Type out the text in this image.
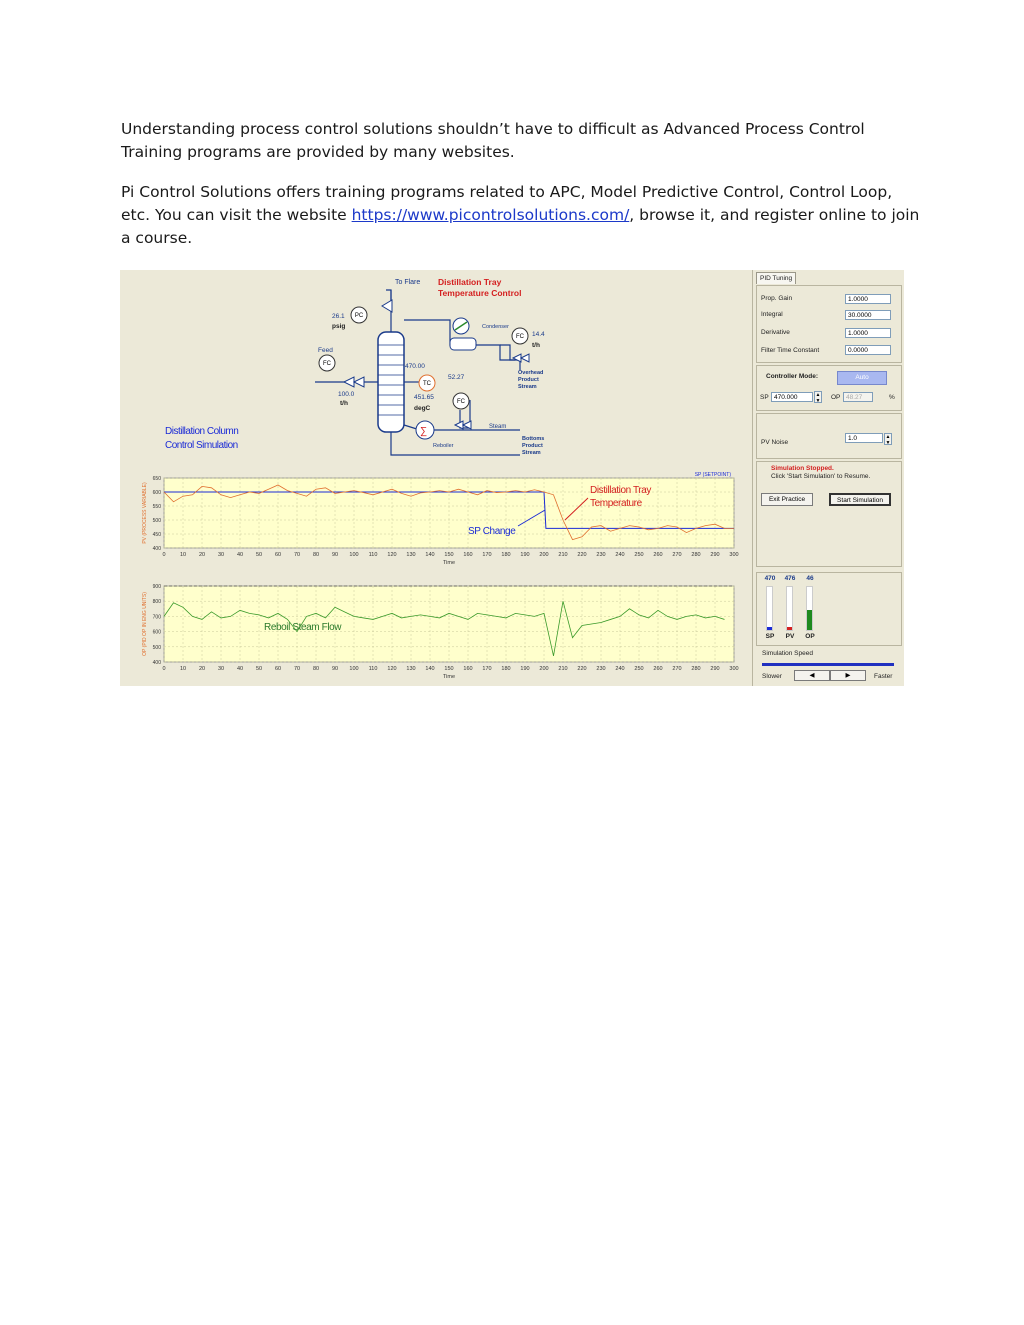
Understanding process control solutions shouldn’t have to difficult as Advanced Process Control Training programs are provided by many websites.

Pi Control Solutions offers training programs related to APC, Model Predictive Control, Control Loop, etc. You can visit the website https://www.picontrolsolutions.com/, browse it, and register online to join a course.

∑
PC
FC
FC
TC
FC
To Flare Distillation Tray
Temperature Control
26.1
psig	Condenser
14.4
t/h
Overhead
Product
Stream
Feed
100.0
t/h
470.00
52.27
451.65
degC
Steam
Reboiler
Bottoms
Product
Stream
Distillation Column
Control Simulation
0	10 20 30 40 50 60 70 80 90 100 110 120 130 140 150 160 170 180 190 200 210 220 230 240 250 260 270 280 290 300
400
450
500
550
600
650
Time
PV (PROCESS VARIABLE)
SP (SETPOINT)
Distillation Tray
Temperature
SP Change
0	10 20 30 40 50 60 70 80 90 100 110 120 130 140 150 160 170 180 190 200 210 220 230 240 250 260 270 280 290 300
400
500
600
700
800
900
Time
OP (PID OP IN ENG UNITS)	Reboil Steam Flow
PID Tuning
Prop. Gain	1.0000
Integral	30.0000
Derivative	1.0000
Filter Time Constant	0.0000
Controller Mode:	Auto
SP 470.000	▲
▼ OP 48.27	%
PV Noise
1.0	▲
▼
Simulation Stopped.
Click 'Start Simulation' to Resume.
Exit Practice	Start Simulation
470
SP
476
PV
46
OP
Simulation Speed
Slower	◀	▶	Faster
